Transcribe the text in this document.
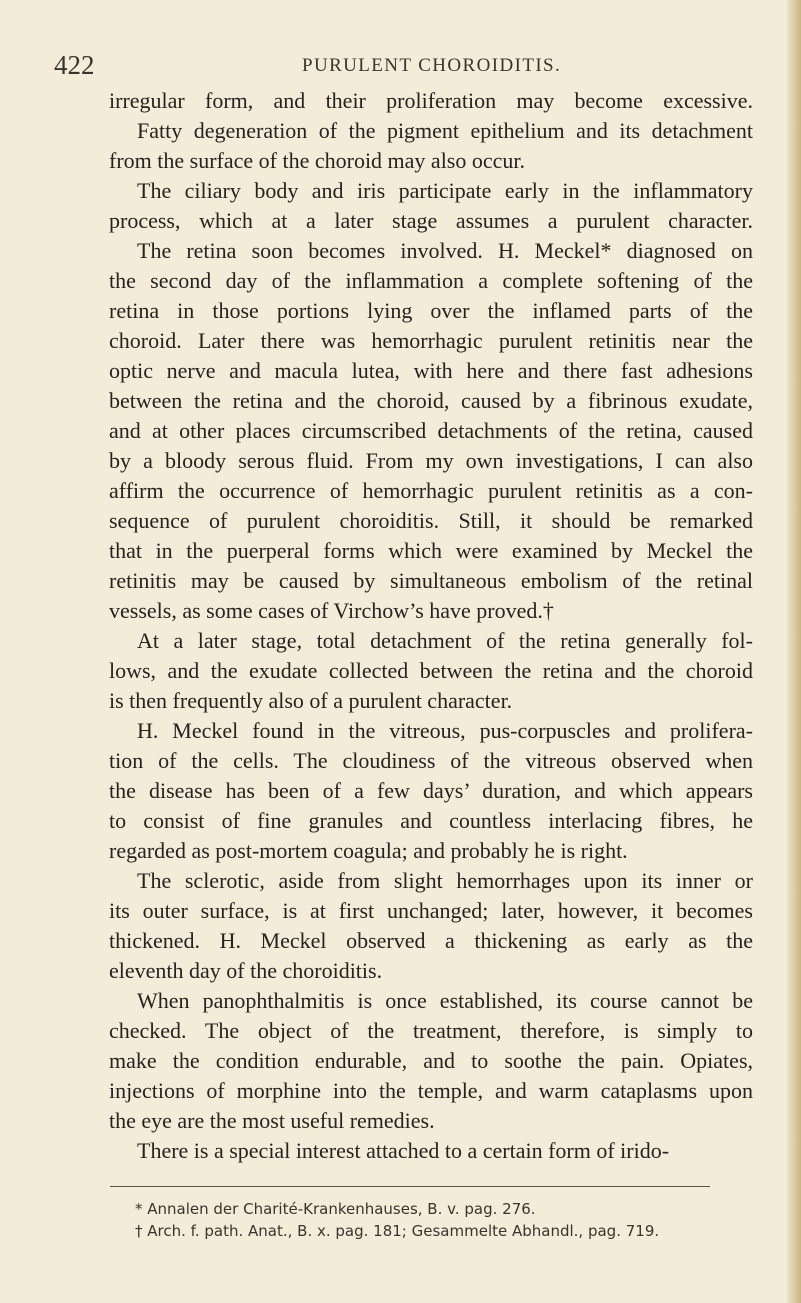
422	PURULENT CHOROIDITIS.
irregular form, and their proliferation may become excessive.
Fatty degeneration of the pigment epithelium and its detachment
from the surface of the choroid may also occur.
The ciliary body and iris participate early in the inflammatory
process, which at a later stage assumes a purulent character.
The retina soon becomes involved. H. Meckel* diagnosed on
the second day of the inflammation a complete softening of the
retina in those portions lying over the inflamed parts of the
choroid. Later there was hemorrhagic purulent retinitis near the
optic nerve and macula lutea, with here and there fast adhesions
between the retina and the choroid, caused by a fibrinous exudate,
and at other places circumscribed detachments of the retina, caused
by a bloody serous fluid. From my own investigations, I can also
affirm the occurrence of hemorrhagic purulent retinitis as a con-
sequence of purulent choroiditis. Still, it should be remarked
that in the puerperal forms which were examined by Meckel the
retinitis may be caused by simultaneous embolism of the retinal
vessels, as some cases of Virchow’s have proved.†
At a later stage, total detachment of the retina generally fol-
lows, and the exudate collected between the retina and the choroid
is then frequently also of a purulent character.
H. Meckel found in the vitreous, pus-corpuscles and prolifera-
tion of the cells. The cloudiness of the vitreous observed when
the disease has been of a few days’ duration, and which appears
to consist of fine granules and countless interlacing fibres, he
regarded as post-mortem coagula; and probably he is right.
The sclerotic, aside from slight hemorrhages upon its inner or
its outer surface, is at first unchanged; later, however, it becomes
thickened. H. Meckel observed a thickening as early as the
eleventh day of the choroiditis.
When panophthalmitis is once established, its course cannot be
checked. The object of the treatment, therefore, is simply to
make the condition endurable, and to soothe the pain. Opiates,
injections of morphine into the temple, and warm cataplasms upon
the eye are the most useful remedies.
There is a special interest attached to a certain form of irido-
* Annalen der Charité-Krankenhauses, B. v. pag. 276.
† Arch. f. path. Anat., B. x. pag. 181; Gesammelte Abhandl., pag. 719.
